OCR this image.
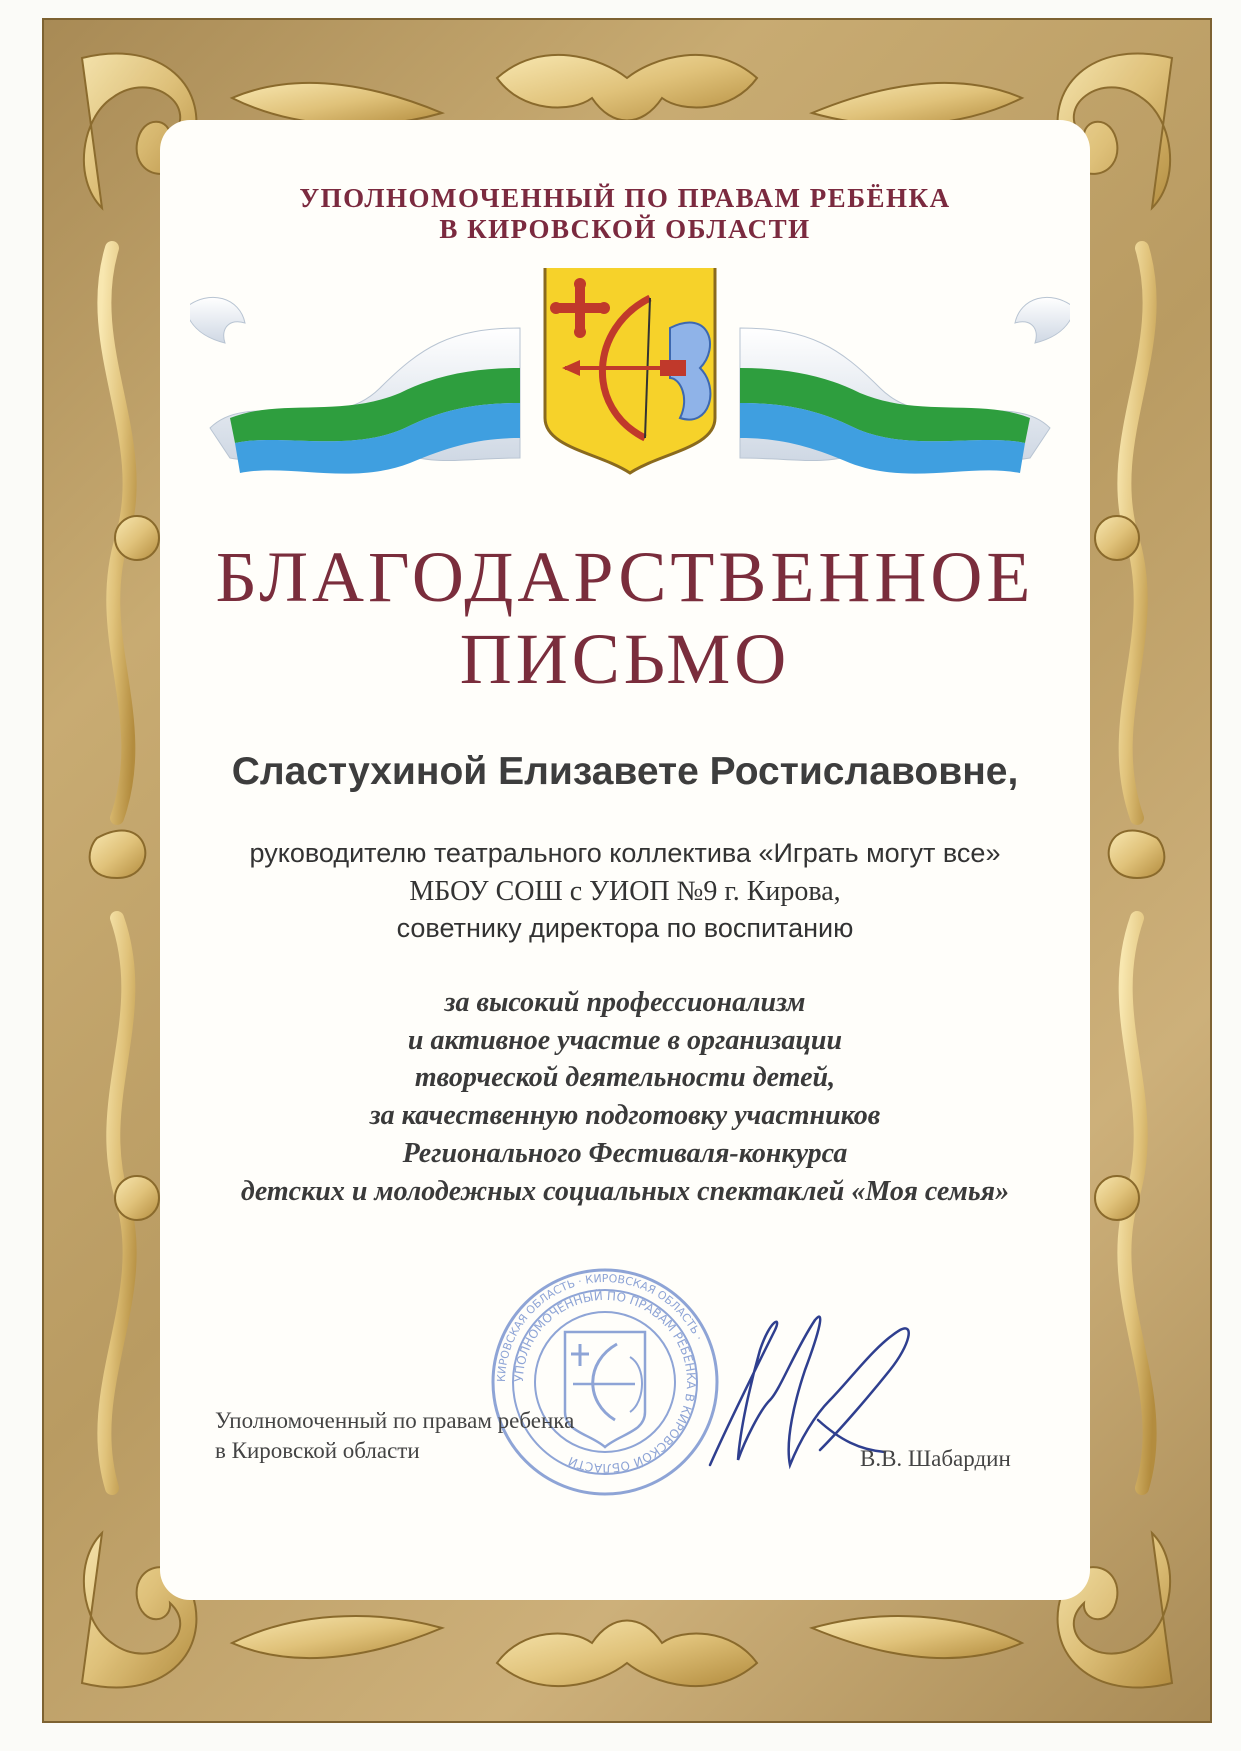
УПОЛНОМОЧЕННЫЙ ПО ПРАВАМ РЕБЁНКА
В КИРОВСКОЙ ОБЛАСТИ
БЛАГОДАРСТВЕННОЕ
ПИСЬМО
Сластухиной Елизавете Ростиславовне,
руководителю театрального коллектива «Играть могут все»
МБОУ СОШ с УИОП №9 г. Кирова,
советнику директора по воспитанию
за высокий профессионализм
и активное участие в организации
творческой деятельности детей,
за качественную подготовку участников
Регионального Фестиваля-конкурса
детских и молодежных социальных спектаклей «Моя семья»
КИРОВСКАЯ ОБЛАСТЬ · КИРОВСКАЯ ОБЛАСТЬ ·
УПОЛНОМОЧЕННЫЙ ПО ПРАВАМ РЕБЕНКА В КИРОВСКОЙ ОБЛАСТИ
Уполномоченный по правам ребенка
в Кировской области	В.В. Шабардин
